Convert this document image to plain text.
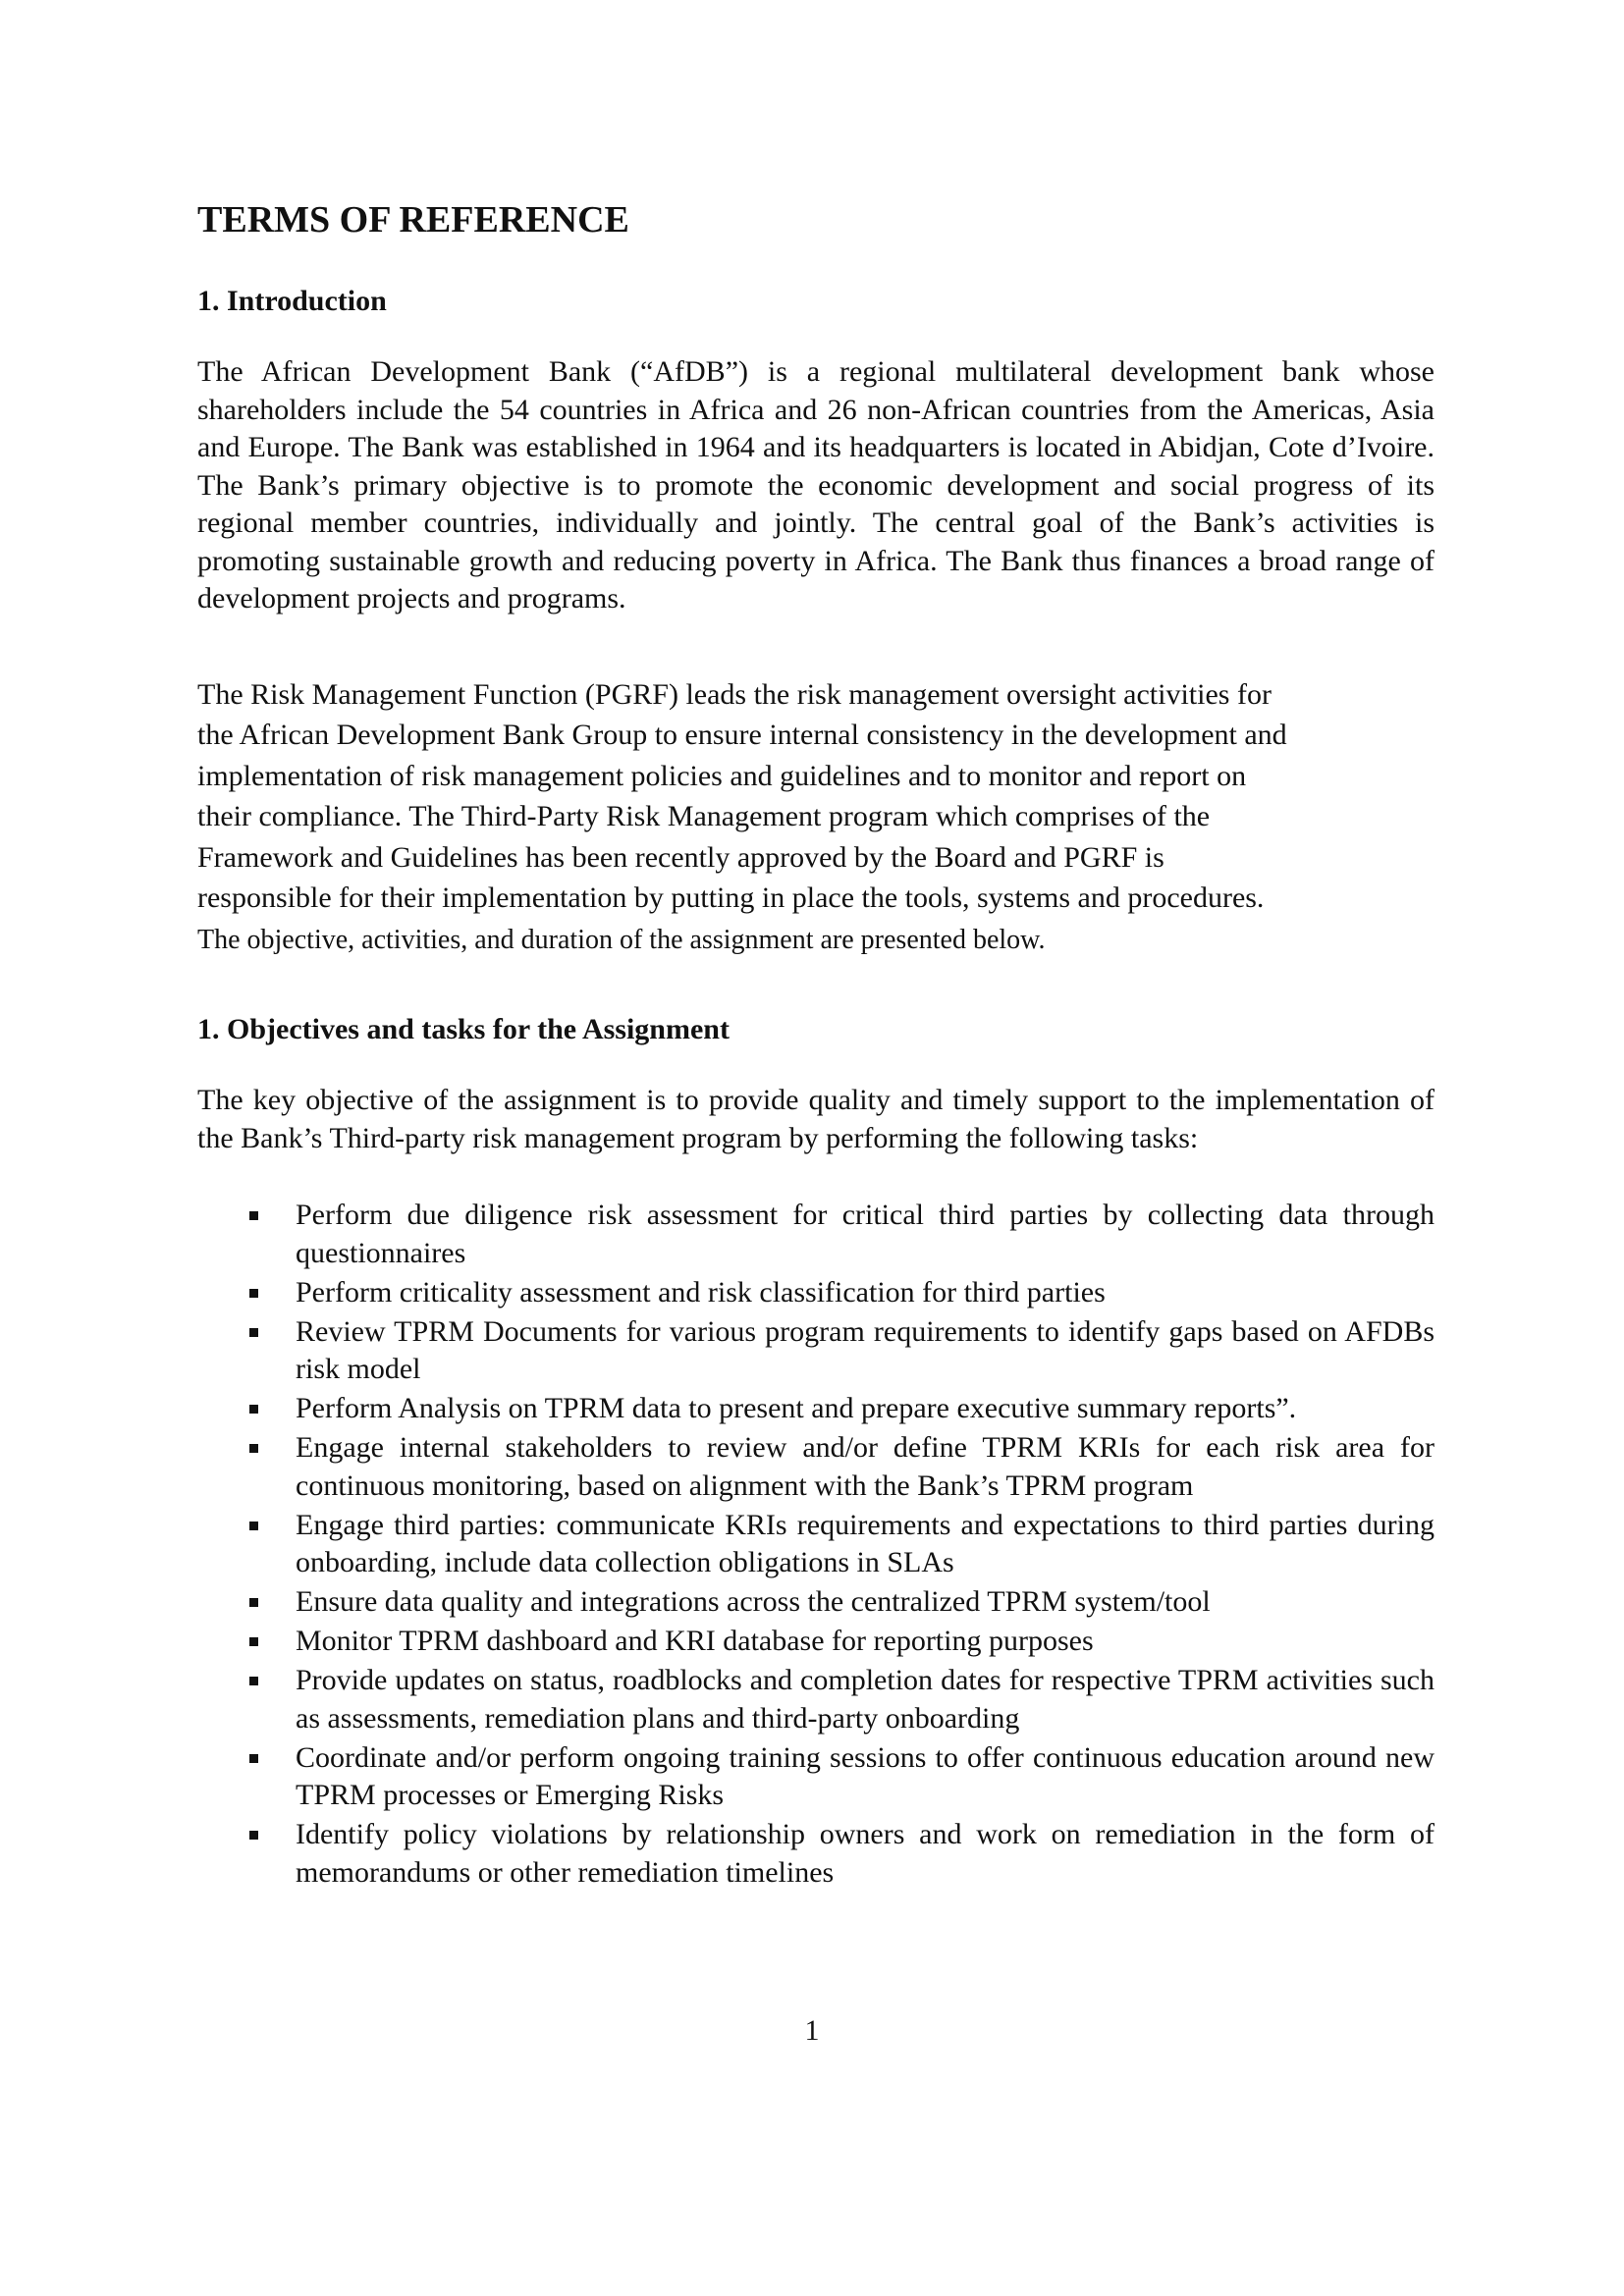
TERMS OF REFERENCE
1. Introduction

The African Development Bank (“AfDB”) is a regional multilateral development bank whose shareholders include the 54 countries in Africa and 26 non-African countries from the Americas, Asia and Europe. The Bank was established in 1964 and its headquarters is located in Abidjan, Cote d’Ivoire. The Bank’s primary objective is to promote the economic development and social progress of its regional member countries, individually and jointly. The central goal of the Bank’s activities is promoting sustainable growth and reducing poverty in Africa. The Bank thus finances a broad range of development projects and programs.

The Risk Management Function (PGRF) leads the risk management oversight activities for
the African Development Bank Group to ensure internal consistency in the development and
implementation of risk management policies and guidelines and to monitor and report on
their compliance. The Third-Party Risk Management program which comprises of the
Framework and Guidelines has been recently approved by the Board and PGRF is
responsible for their implementation by putting in place the tools, systems and procedures.
The objective, activities, and duration of the assignment are presented below.

1. Objectives and tasks for the Assignment

The key objective of the assignment is to provide quality and timely support to the implementation of the Bank’s Third-party risk management program by performing the following tasks:

Perform due diligence risk assessment for critical third parties by collecting data through questionnaires
Perform criticality assessment and risk classification for third parties
Review TPRM Documents for various program requirements to identify gaps based on AFDBs risk model
Perform Analysis on TPRM data to present and prepare executive summary reports”.
Engage internal stakeholders to review and/or define TPRM KRIs for each risk area for continuous monitoring, based on alignment with the Bank’s TPRM program
Engage third parties: communicate KRIs requirements and expectations to third parties during onboarding, include data collection obligations in SLAs
Ensure data quality and integrations across the centralized TPRM system/tool
Monitor TPRM dashboard and KRI database for reporting purposes
Provide updates on status, roadblocks and completion dates for respective TPRM activities such as assessments, remediation plans and third-party onboarding
Coordinate and/or perform ongoing training sessions to offer continuous education around new TPRM processes or Emerging Risks
Identify policy violations by relationship owners and work on remediation in the form of memorandums or other remediation timelines
1
